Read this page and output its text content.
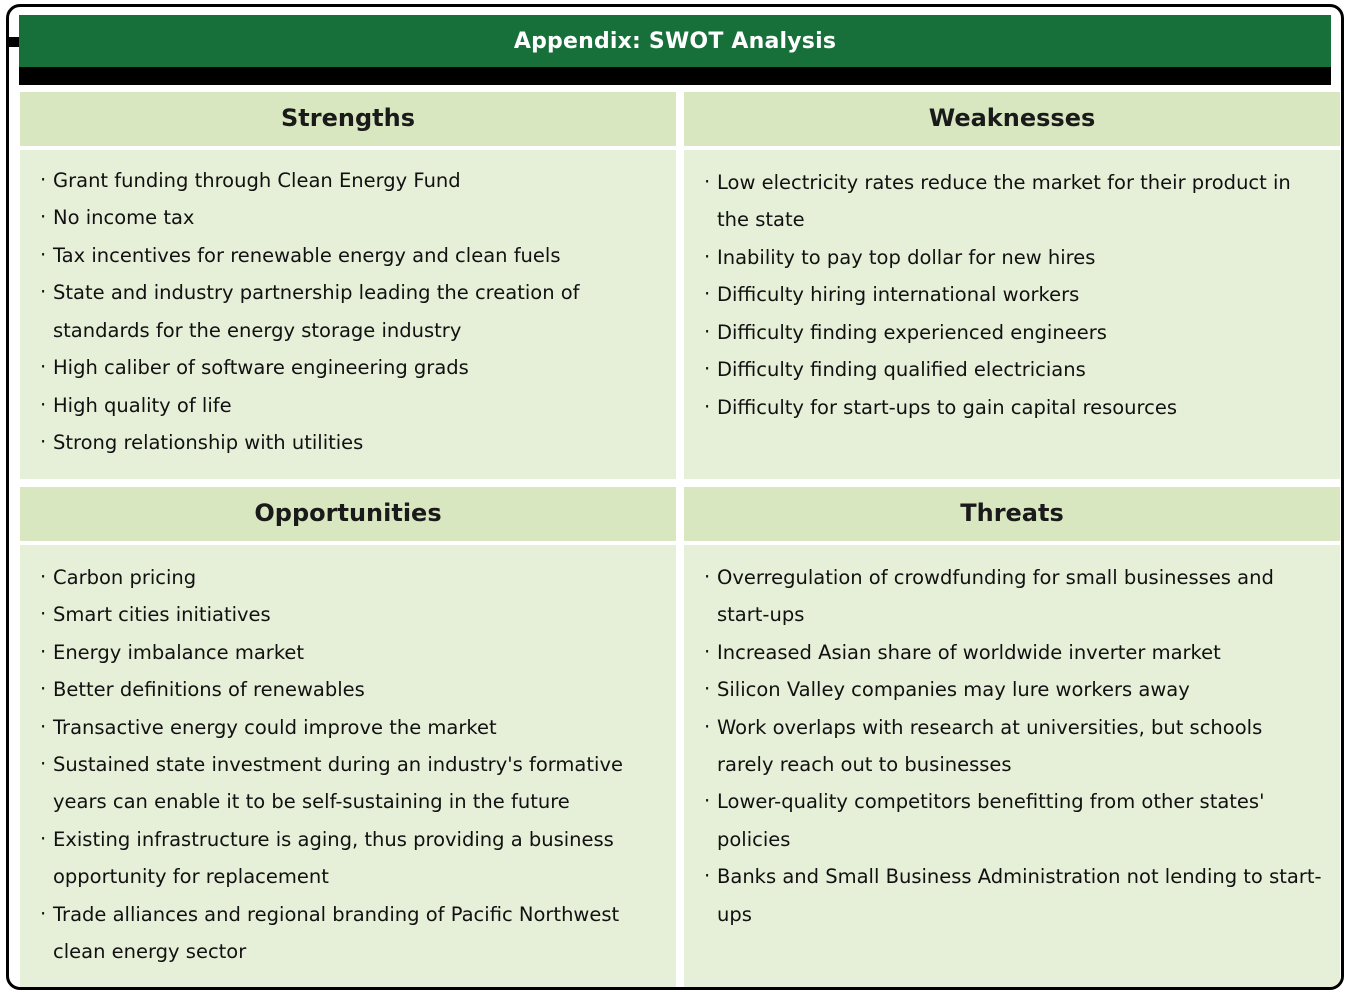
Appendix: SWOT Analysis
Strengths
· Grant funding through Clean Energy Fund
· No income tax
· Tax incentives for renewable energy and clean fuels
· State and industry partnership leading the creation of standards for the energy storage industry
· High caliber of software engineering grads
· High quality of life
· Strong relationship with utilities
Weaknesses
· Low electricity rates reduce the market for their product in the state
· Inability to pay top dollar for new hires
· Difficulty hiring international workers
· Difficulty finding experienced engineers
· Difficulty finding qualified electricians
· Difficulty for start-ups to gain capital resources
Opportunities
· Carbon pricing
· Smart cities initiatives
· Energy imbalance market
· Better definitions of renewables
· Transactive energy could improve the market
· Sustained state investment during an industry's formative years can enable it to be self-sustaining in the future
· Existing infrastructure is aging, thus providing a business opportunity for replacement
· Trade alliances and regional branding of Pacific Northwest clean energy sector
Threats
· Overregulation of crowdfunding for small businesses and start-ups
· Increased Asian share of worldwide inverter market
· Silicon Valley companies may lure workers away
· Work overlaps with research at universities, but schools rarely reach out to businesses
· Lower-quality competitors benefitting from other states' policies
· Banks and Small Business Administration not lending to start-ups
